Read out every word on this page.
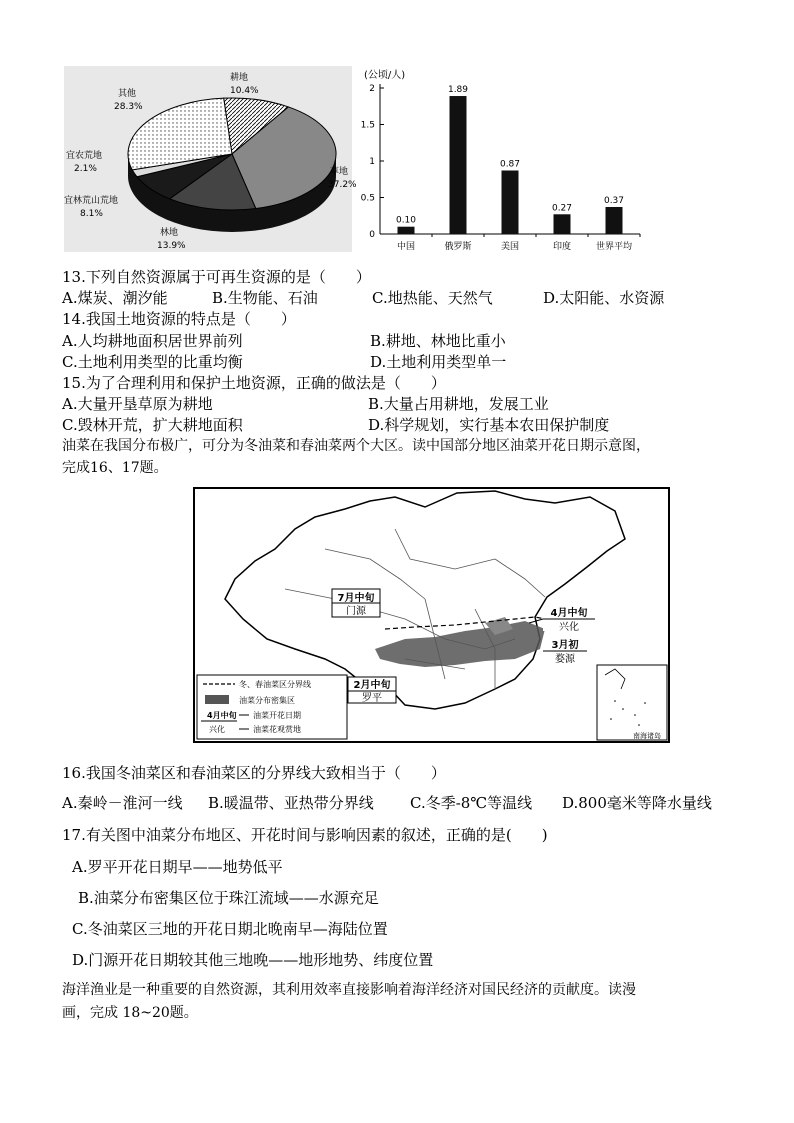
耕地
10.4%
草地
37.2%
林地
13.9%
宜林荒山荒地
8.1%
宜农荒地
2.1%
其他
28.3%
(公顷/人)
0
0.5
1
1.5
2
0.10
中国
1.89
俄罗斯
0.87
美国
0.27
印度
0.37
世界平均
13.下列自然资源属于可再生资源的是（　　）
A.煤炭、潮汐能	B.生物能、石油	C.地热能、天然气	D.太阳能、水资源
14.我国土地资源的特点是（　　）
A.人均耕地面积居世界前列	B.耕地、林地比重小
C.土地利用类型的比重均衡	D.土地利用类型单一
15.为了合理利用和保护土地资源，正确的做法是（　　）
A.大量开垦草原为耕地	B.大量占用耕地，发展工业
C.毁林开荒，扩大耕地面积	D.科学规划，实行基本农田保护制度
油菜在我国分布极广，可分为冬油菜和春油菜两个大区。读中国部分地区油菜开花日期示意图，
完成16、17题。
7月中旬
门源	4月中旬
兴化
3月初
婺源
2月中旬
罗平
冬、春油菜区分界线
油菜分布密集区
4月中旬
兴化
油菜开花日期
油菜花观赏地
南海诸岛
16.我国冬油菜区和春油菜区的分界线大致相当于（　　）
A.秦岭－淮河一线 B.暖温带、亚热带分界线 C.冬季-8℃等温线 D.800毫米等降水量线
17.有关图中油菜分布地区、开花时间与影响因素的叙述，正确的是(　　)
A.罗平开花日期早——地势低平
B.油菜分布密集区位于珠江流域——水源充足
C.冬油菜区三地的开花日期北晚南早—海陆位置
D.门源开花日期较其他三地晚——地形地势、纬度位置
海洋渔业是一种重要的自然资源，其利用效率直接影响着海洋经济对国民经济的贡献度。读漫
画，完成 18~20题。
